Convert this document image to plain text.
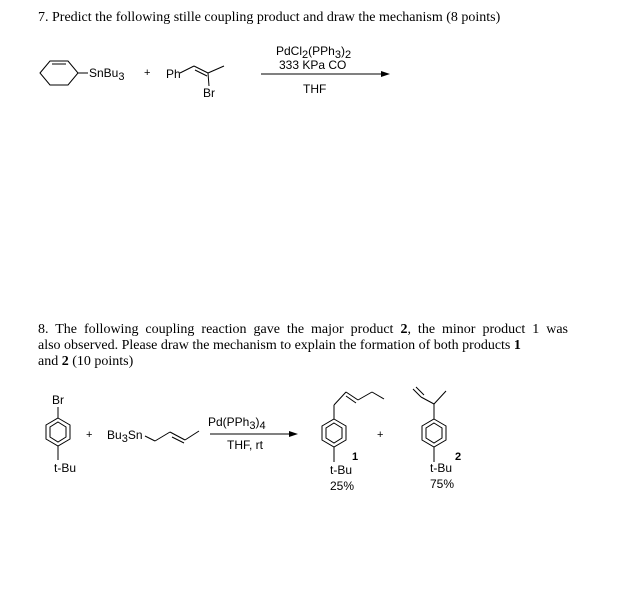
7. Predict the following stille coupling product and draw the mechanism (8 points)
8. The following coupling reaction gave the major product 2, the minor product 1 was
also observed. Please draw the mechanism to explain the formation of both products 1
and 2 (10 points)
SnBu3 + Ph
Br
PdCl2(PPh3)2
333 KPa CO
THF
Br
t-Bu
+ Bu3Sn
Pd(PPh3)4
THF, rt
1
t-Bu
25%
+
2
t-Bu
75%
